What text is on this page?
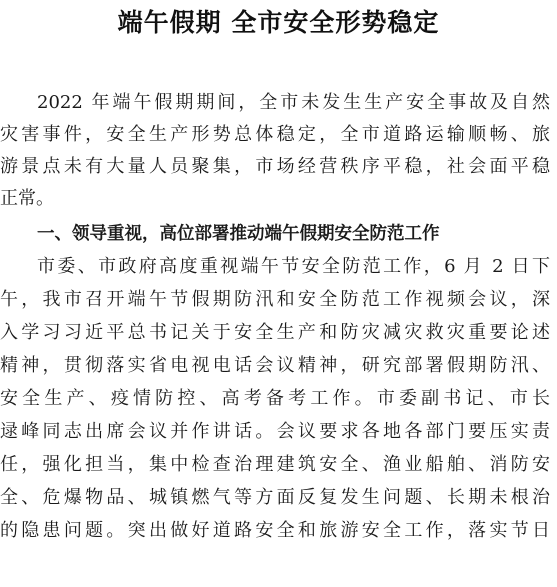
端午假期 全市安全形势稳定
2022 年端午假期期间，全市未发生生产安全事故及自然
灾害事件，安全生产形势总体稳定，全市道路运输顺畅、旅
游景点未有大量人员聚集，市场经营秩序平稳，社会面平稳
正常。
一、领导重视，高位部署推动端午假期安全防范工作
市委、市政府高度重视端午节安全防范工作，6 月 2 日下
午，我市召开端午节假期防汛和安全防范工作视频会议，深
入学习习近平总书记关于安全生产和防灾减灾救灾重要论述
精神，贯彻落实省电视电话会议精神，研究部署假期防汛、
安全生产、疫情防控、高考备考工作。市委副书记、市长
逯峰同志出席会议并作讲话。会议要求各地各部门要压实责
任，强化担当，集中检查治理建筑安全、渔业船舶、消防安
全、危爆物品、城镇燃气等方面反复发生问题、长期未根治
的隐患问题。突出做好道路安全和旅游安全工作，落实节日
